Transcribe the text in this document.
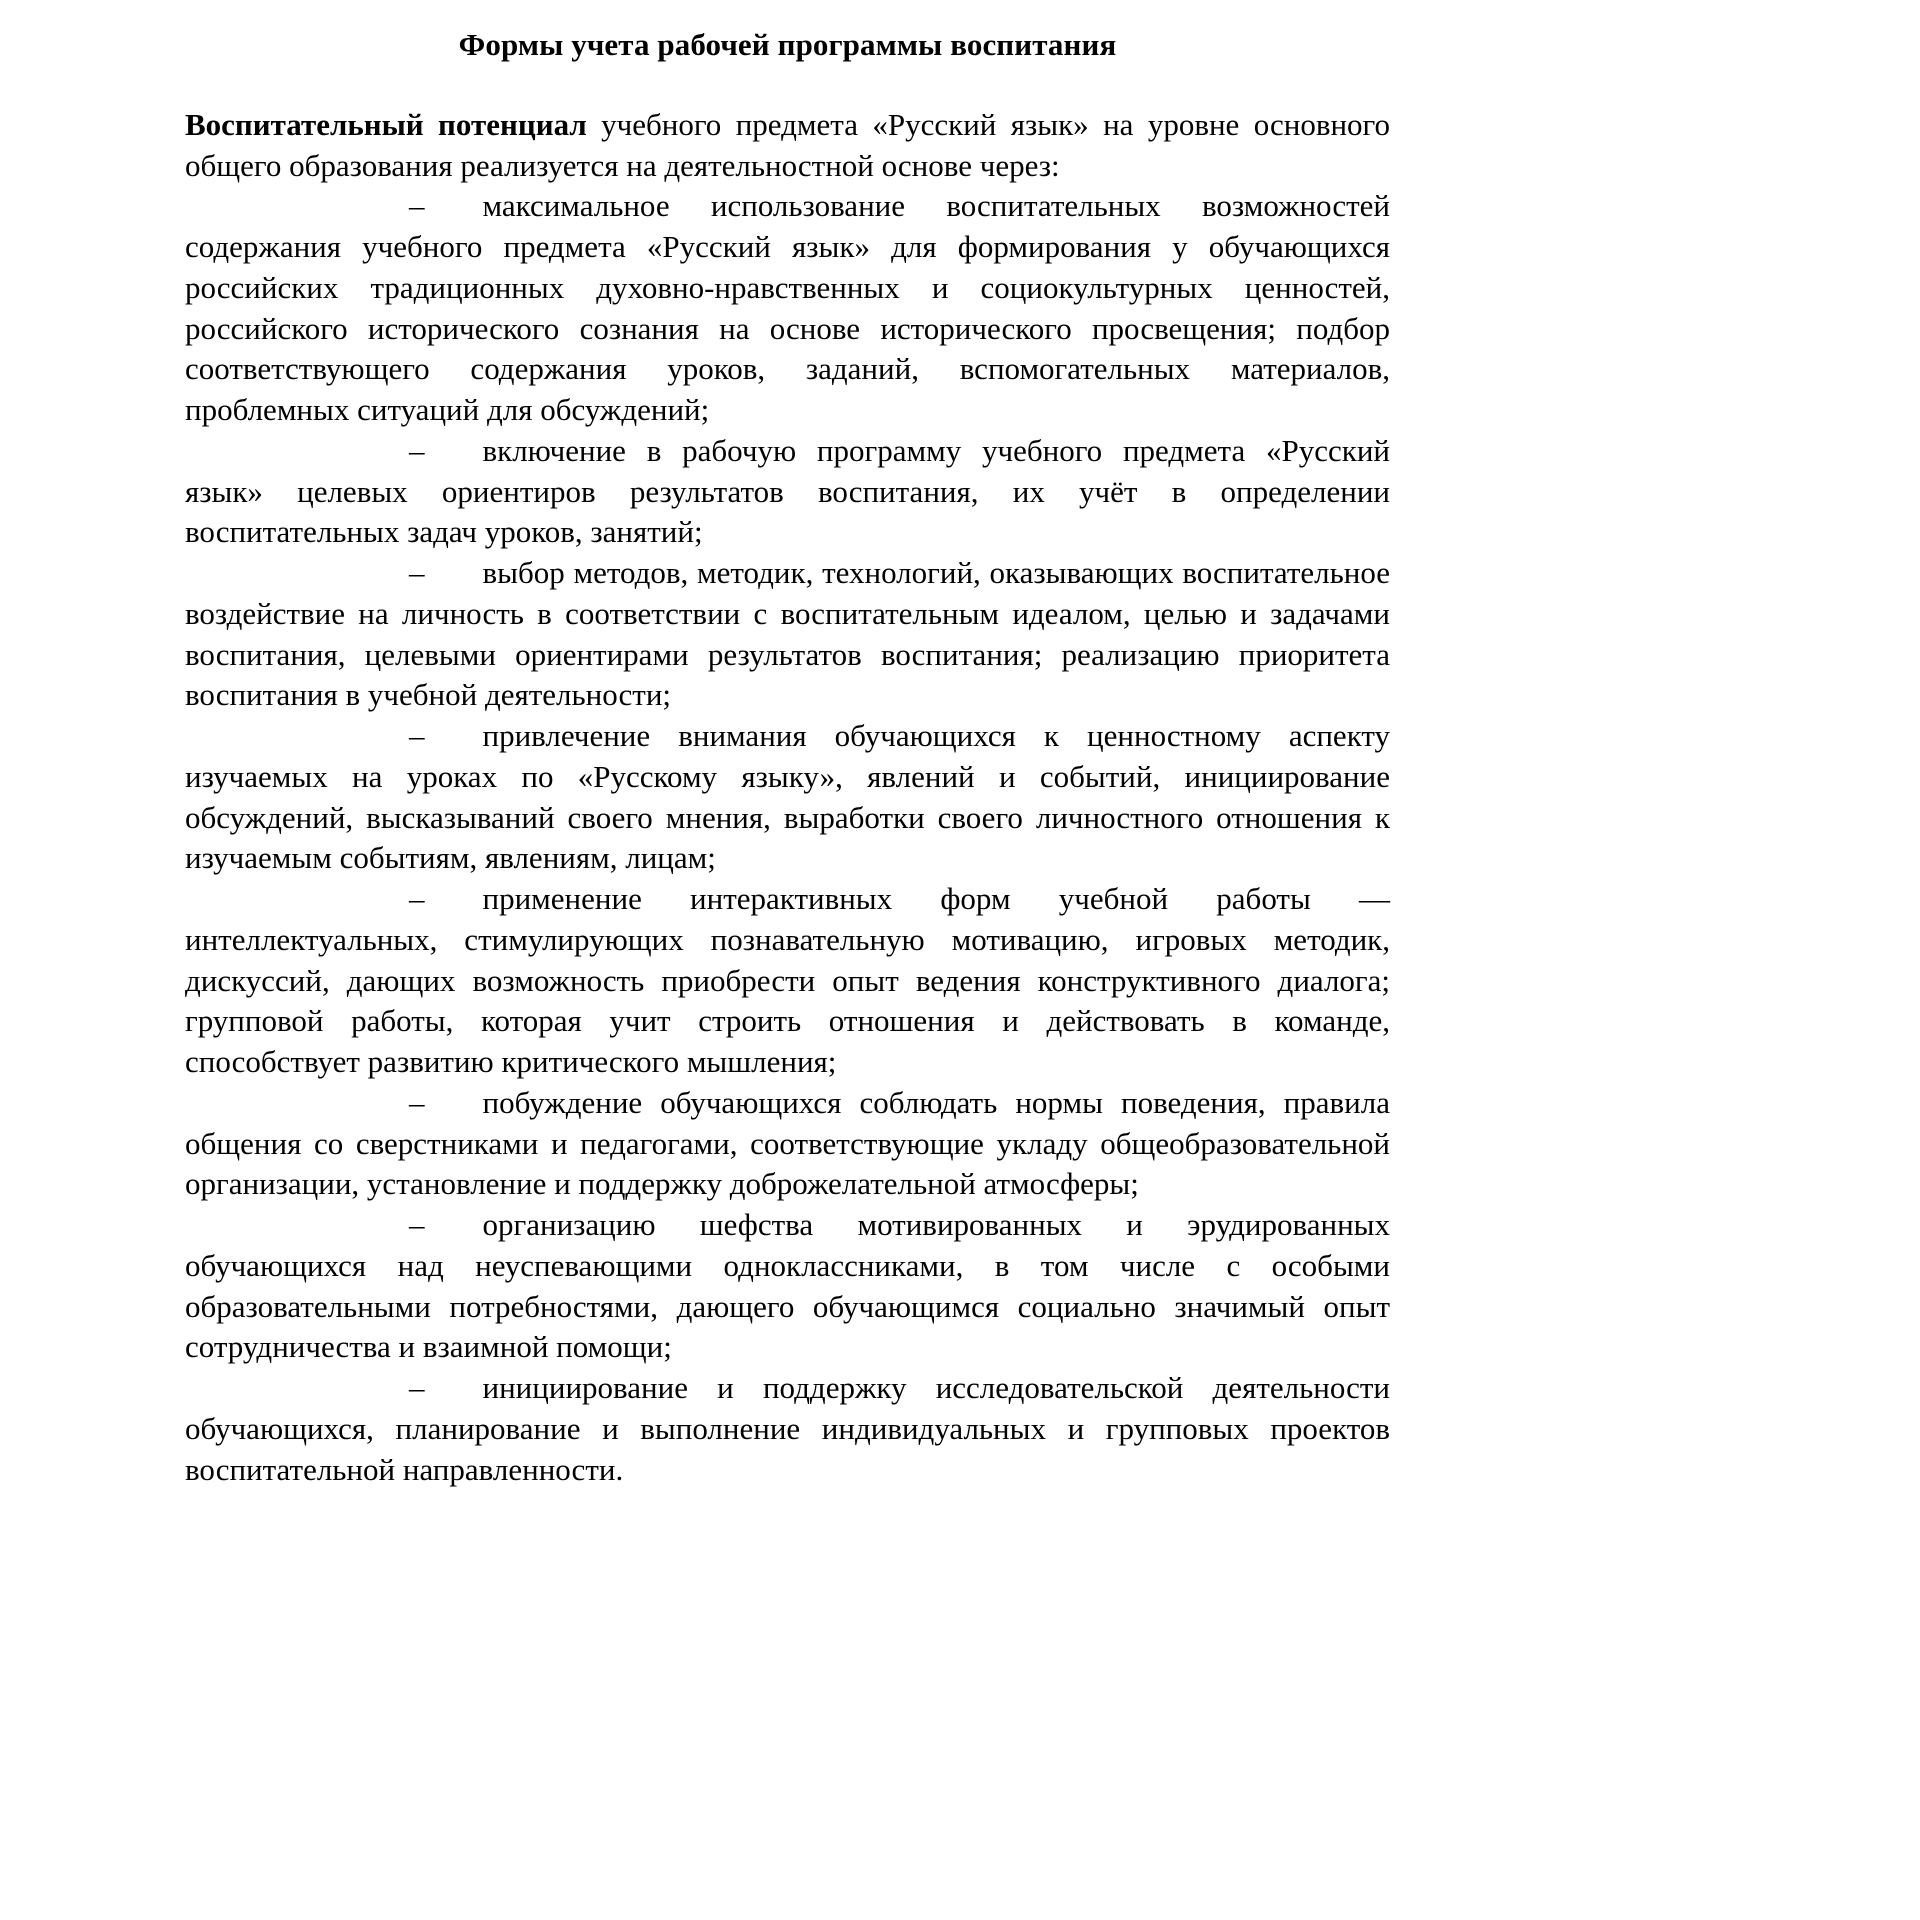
Формы учета рабочей программы воспитания

Воспитательный потенциал учебного предмета «Русский язык» на уровне основного общего образования реализуется на деятельностной основе через:

– максимальное использование воспитательных возможностей содержания учебного предмета «Русский язык» для формирования у обучающихся российских традиционных духовно-нравственных и социокультурных ценностей, российского исторического сознания на основе исторического просвещения; подбор соответствующего содержания уроков, заданий, вспомогательных материалов, проблемных ситуаций для обсуждений;

– включение в рабочую программу учебного предмета «Русский язык» целевых ориентиров результатов воспитания, их учёт в определении воспитательных задач уроков, занятий;

– выбор методов, методик, технологий, оказывающих воспитательное воздействие на личность в соответствии с воспитательным идеалом, целью и задачами воспитания, целевыми ориентирами результатов воспитания; реализацию приоритета воспитания в учебной деятельности;

– привлечение внимания обучающихся к ценностному аспекту изучаемых на уроках по «Русскому языку», явлений и событий, инициирование обсуждений, высказываний своего мнения, выработки своего личностного отношения к изучаемым событиям, явлениям, лицам;

– применение интерактивных форм учебной работы — интеллектуальных, стимулирующих познавательную мотивацию, игровых методик, дискуссий, дающих возможность приобрести опыт ведения конструктивного диалога; групповой работы, которая учит строить отношения и действовать в команде, способствует развитию критического мышления;

– побуждение обучающихся соблюдать нормы поведения, правила общения со сверстниками и педагогами, соответствующие укладу общеобразовательной организации, установление и поддержку доброжелательной атмосферы;

– организацию шефства мотивированных и эрудированных обучающихся над неуспевающими одноклассниками, в том числе с особыми образовательными потребностями, дающего обучающимся социально значимый опыт сотрудничества и взаимной помощи;

– инициирование и поддержку исследовательской деятельности обучающихся, планирование и выполнение индивидуальных и групповых проектов воспитательной направленности.
